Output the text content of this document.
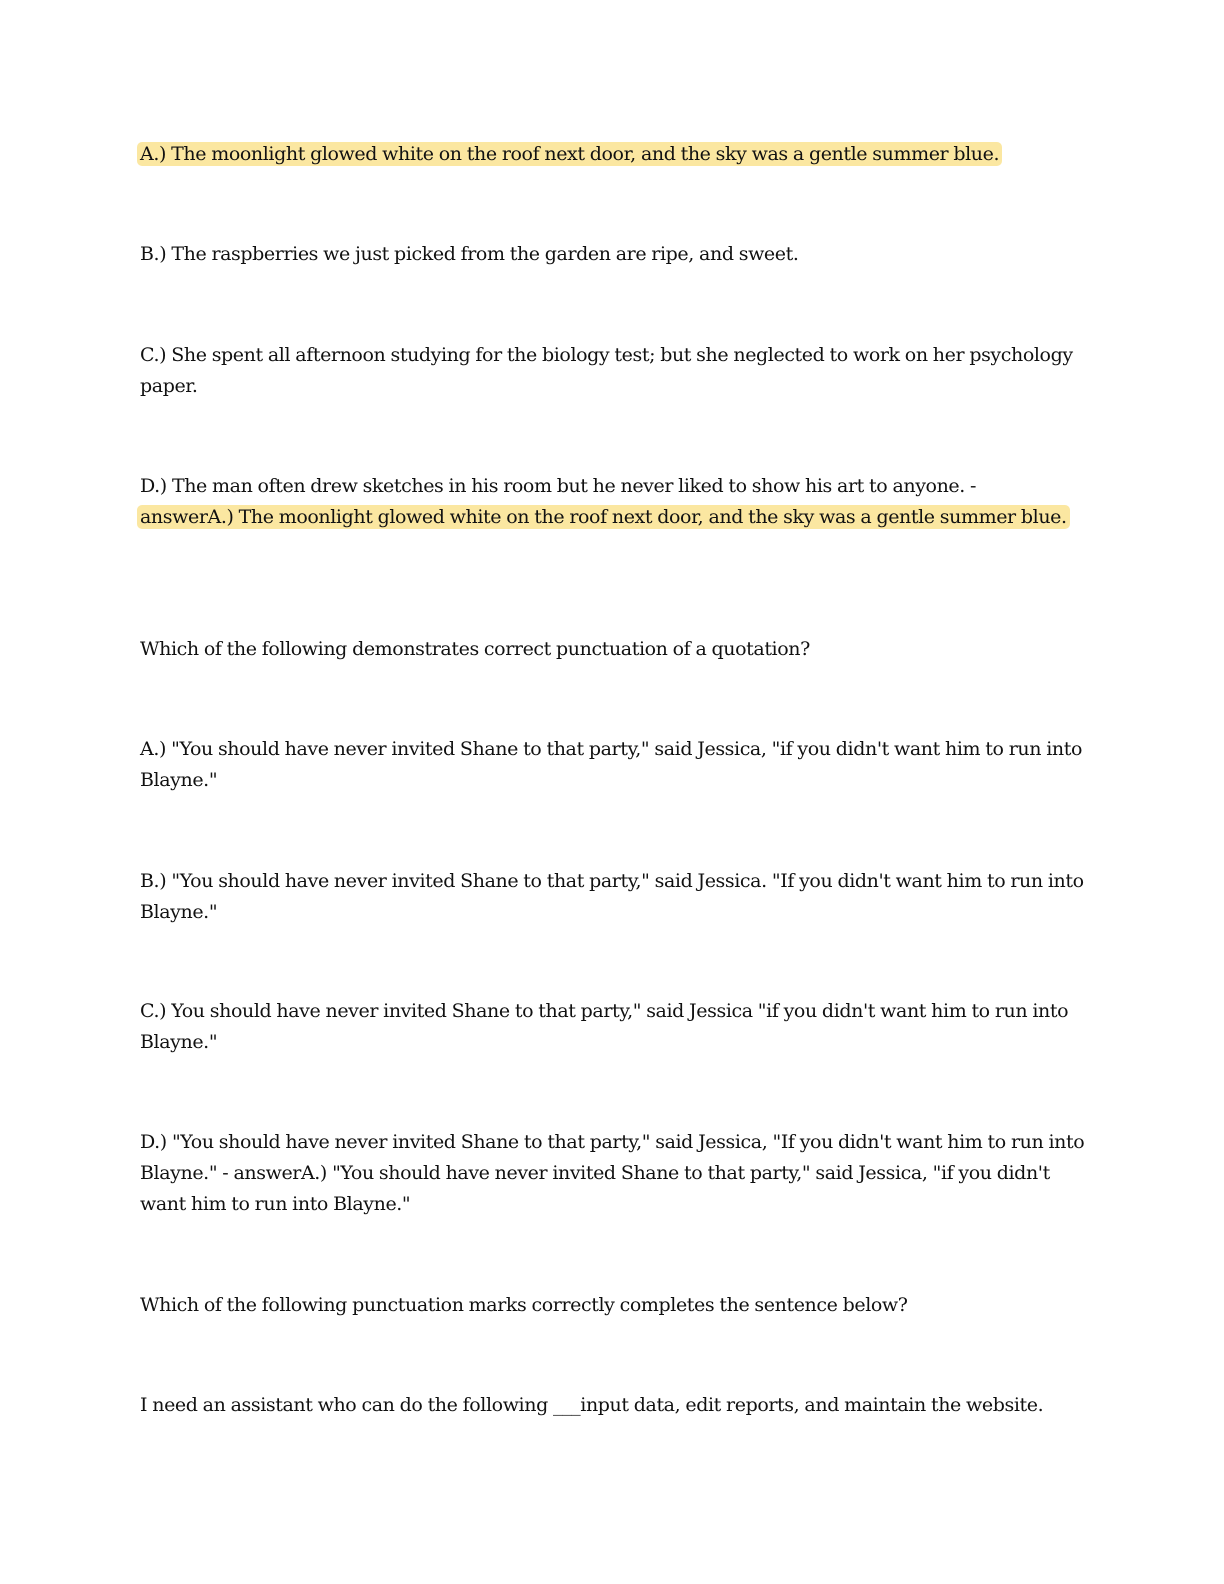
A.) The moonlight glowed white on the roof next door, and the sky was a gentle summer blue.

B.) The raspberries we just picked from the garden are ripe, and sweet.

C.) She spent all afternoon studying for the biology test; but she neglected to work on her psychology paper.

D.) The man often drew sketches in his room but he never liked to show his art to anyone. -
answerA.) The moonlight glowed white on the roof next door, and the sky was a gentle summer blue.

Which of the following demonstrates correct punctuation of a quotation?

A.) "You should have never invited Shane to that party," said Jessica, "if you didn't want him to run into Blayne."

B.) "You should have never invited Shane to that party," said Jessica. "If you didn't want him to run into Blayne."

C.) You should have never invited Shane to that party," said Jessica "if you didn't want him to run into Blayne."

D.) "You should have never invited Shane to that party," said Jessica, "If you didn't want him to run into Blayne." - answerA.) "You should have never invited Shane to that party," said Jessica, "if you didn't want him to run into Blayne."

Which of the following punctuation marks correctly completes the sentence below?

I need an assistant who can do the following ___input data, edit reports, and maintain the website.
